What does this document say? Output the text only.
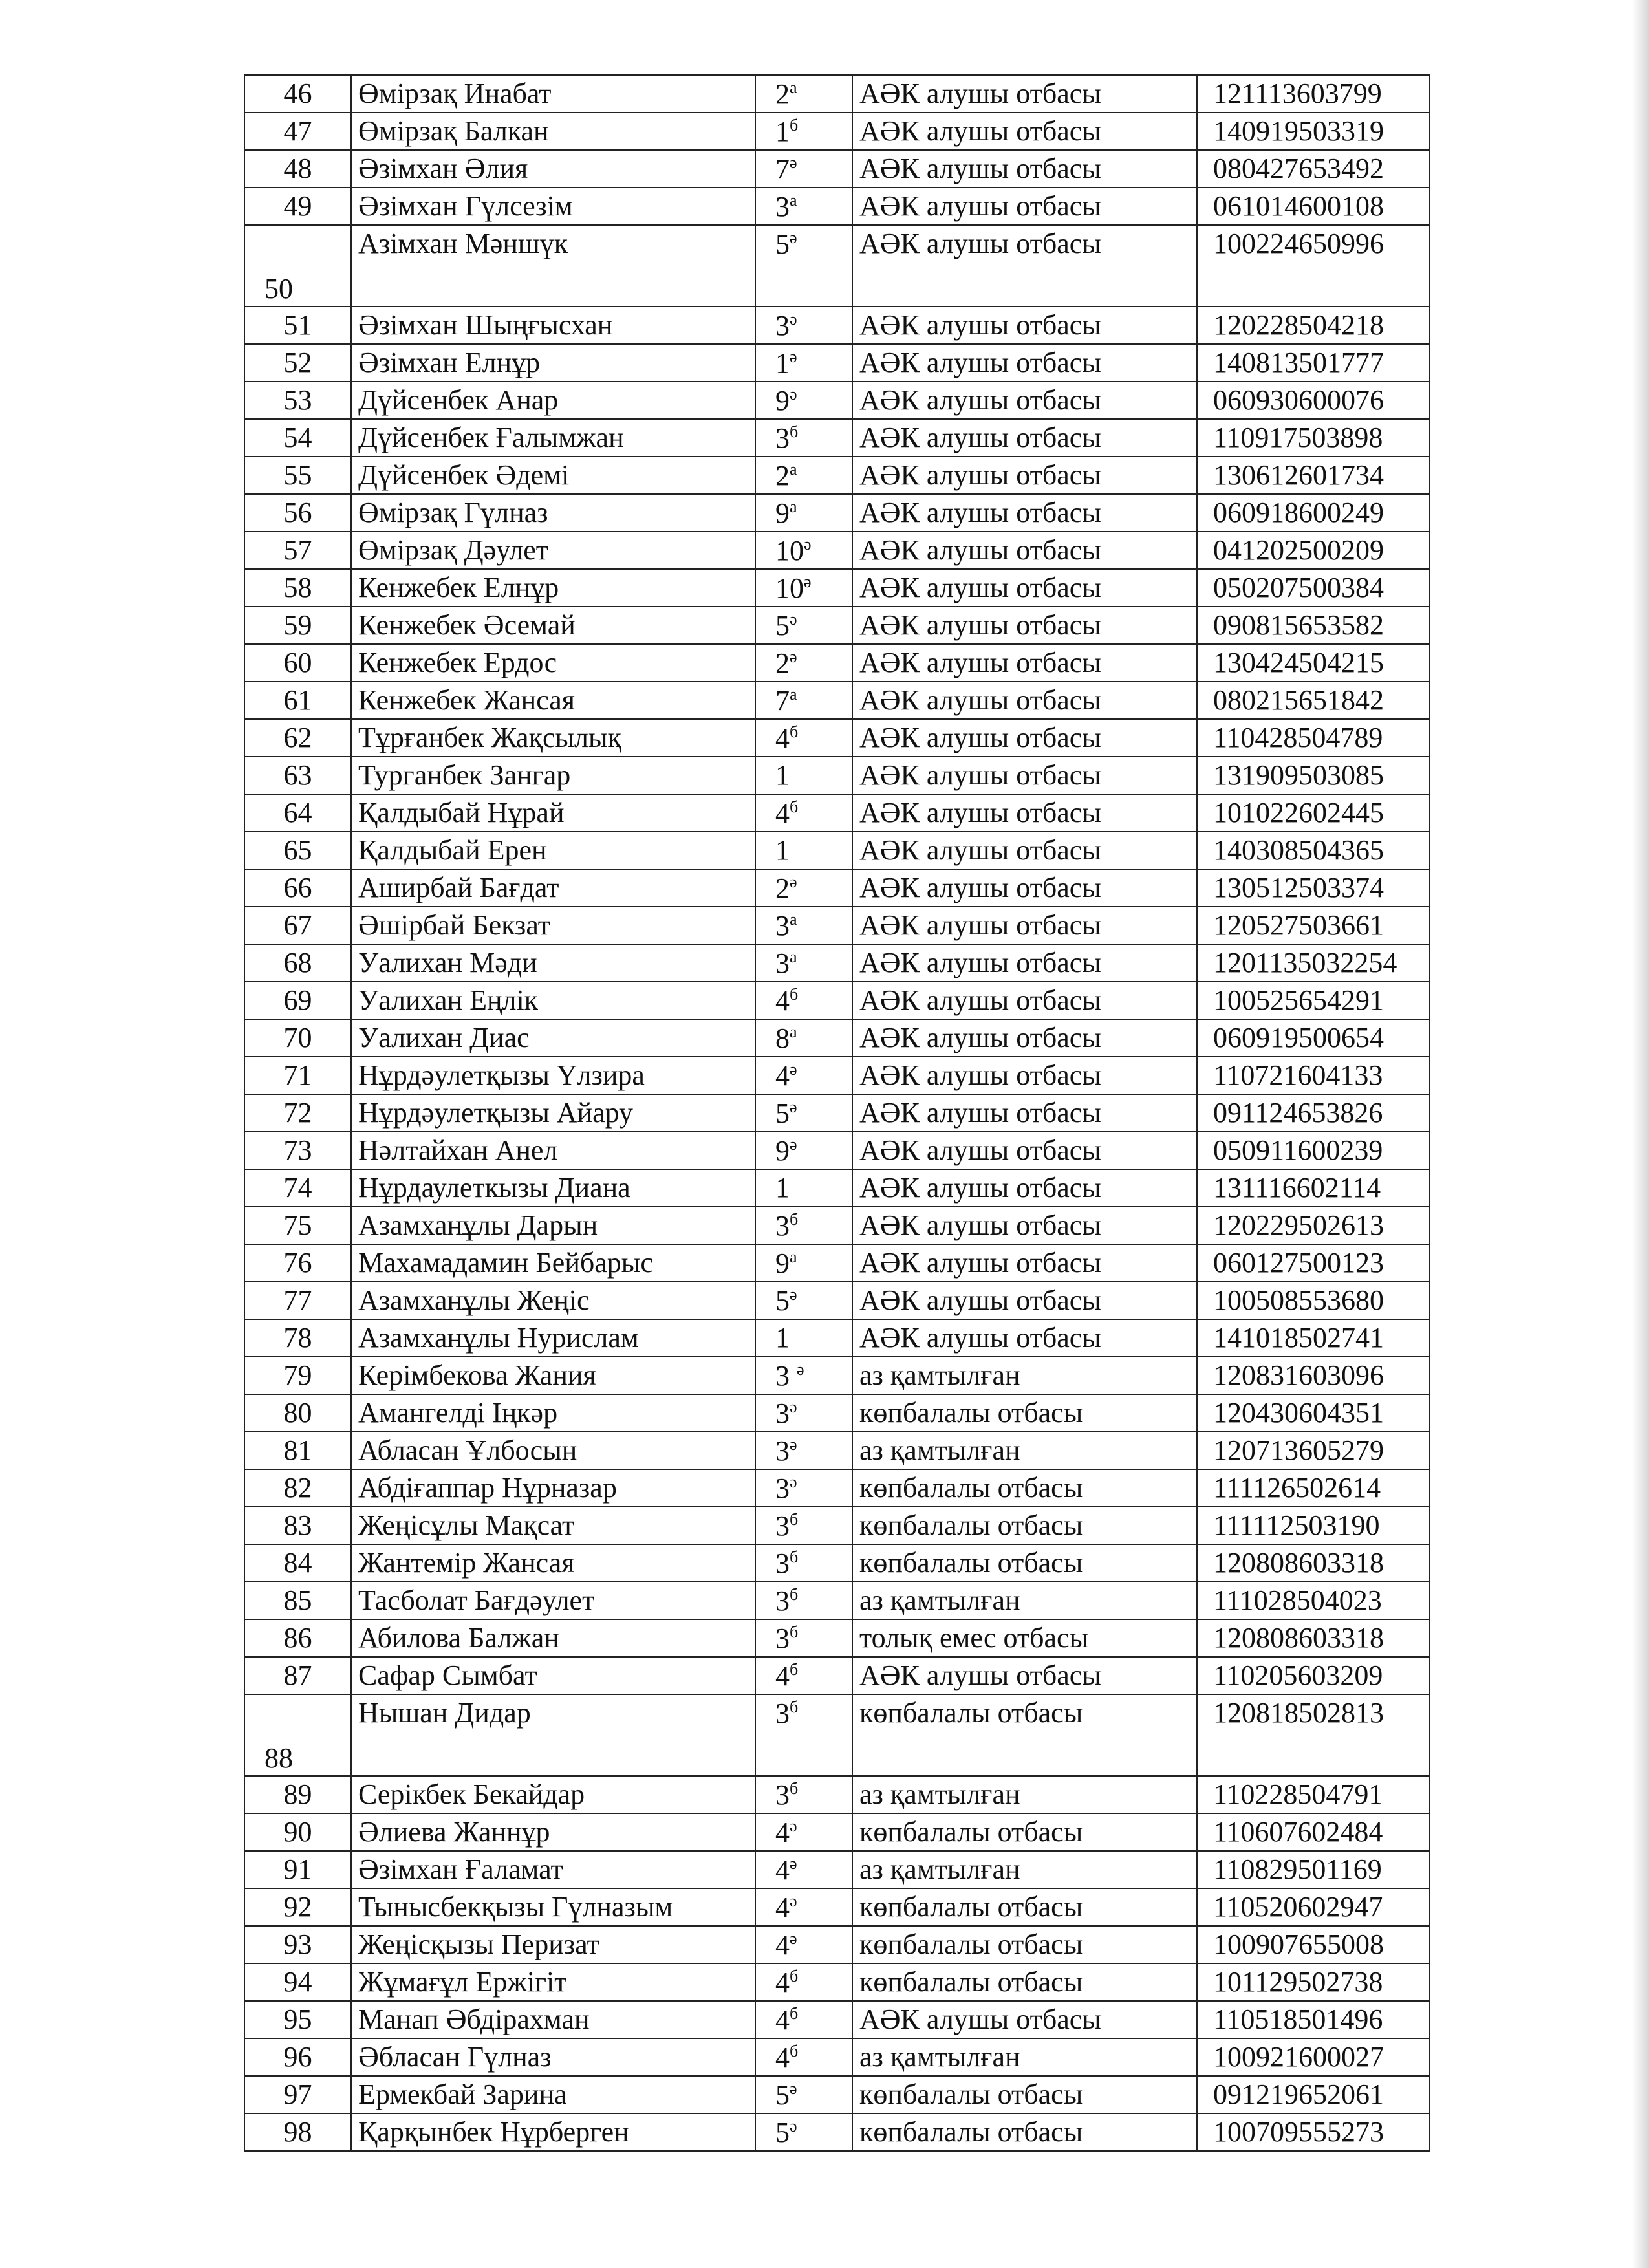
46	Өмірзақ Инабат	$2^а$	АӘК алушы отбасы	121113603799
47	Өмірзақ Балкан	$1^б$	АӘК алушы отбасы	140919503319
48	Әзімхан Әлия	$7^ә$	АӘК алушы отбасы	080427653492
49	Әзімхан Гүлсезім	$3^а$	АӘК алушы отбасы	061014600108
50	Азімхан Мәншүк	$5^ә$	АӘК алушы отбасы	100224650996
51	Әзімхан Шыңғысхан	$3^ә$	АӘК алушы отбасы	120228504218
52	Әзімхан Елнұр	$1^ә$	АӘК алушы отбасы	140813501777
53	Дүйсенбек Анар	$9^ә$	АӘК алушы отбасы	060930600076
54	Дүйсенбек Ғалымжан	$3^б$	АӘК алушы отбасы	110917503898
55	Дүйсенбек Әдемі	$2^а$	АӘК алушы отбасы	130612601734
56	Өмірзақ Гүлназ	$9^а$	АӘК алушы отбасы	060918600249
57	Өмірзақ Дәулет	$10^ә$	АӘК алушы отбасы	041202500209
58	Кенжебек Елнұр	$10^ә$	АӘК алушы отбасы	050207500384
59	Кенжебек Әсемай	$5^ә$	АӘК алушы отбасы	090815653582
60	Кенжебек Ердос	$2^ә$	АӘК алушы отбасы	130424504215
61	Кенжебек Жансая	$7^а$	АӘК алушы отбасы	080215651842
62	Тұрғанбек Жақсылық	$4^б$	АӘК алушы отбасы	110428504789
63	Турганбек Зангар	1	АӘК алушы отбасы	131909503085
64	Қалдыбай Нұрай	$4^б$	АӘК алушы отбасы	101022602445
65	Қалдыбай Ерен	1	АӘК алушы отбасы	140308504365
66	Аширбай Бағдат	$2^ә$	АӘК алушы отбасы	130512503374
67	Әшірбай Бекзат	$3^а$	АӘК алушы отбасы	120527503661
68	Уалихан Мәди	$3^а$	АӘК алушы отбасы	1201135032254
69	Уалихан Еңлік	$4^б$	АӘК алушы отбасы	100525654291
70	Уалихан Диас	$8^а$	АӘК алушы отбасы	060919500654
71	Нұрдәулетқызы Үлзира	$4^ә$	АӘК алушы отбасы	110721604133
72	Нұрдәулетқызы Айару	$5^ә$	АӘК алушы отбасы	091124653826
73	Нәлтайхан Анел	$9^ә$	АӘК алушы отбасы	050911600239
74	Нұрдаулеткызы Диана	1	АӘК алушы отбасы	131116602114
75	Азамханұлы Дарын	$3^б$	АӘК алушы отбасы	120229502613
76	Махамадамин Бейбарыс	$9^а$	АӘК алушы отбасы	060127500123
77	Азамханұлы Жеңіс	$5^ә$	АӘК алушы отбасы	100508553680
78	Азамханұлы Нурислам	1	АӘК алушы отбасы	141018502741
79	Керімбекова Жания	3 $^ә$	аз қамтылған	120831603096
80	Амангелді Іңкәр	$3^ә$	көпбалалы отбасы	120430604351
81	Абласан Ұлбосын	$3^ә$	аз қамтылған	120713605279
82	Абдіғаппар Нұрназар	$3^ә$	көпбалалы отбасы	111126502614
83	Жеңісұлы Мақсат	$3^б$	көпбалалы отбасы	111112503190
84	Жантемір Жансая	$3^б$	көпбалалы отбасы	120808603318
85	Тасболат Бағдәулет	$3^б$	аз қамтылған	111028504023
86	Абилова Балжан	$3^б$	толық емес отбасы	120808603318
87	Сафар Сымбат	$4^б$	АӘК алушы отбасы	110205603209
88	Нышан Дидар	$3^б$	көпбалалы отбасы	120818502813
89	Серікбек Бекайдар	$3^б$	аз қамтылған	110228504791
90	Әлиева Жаннұр	$4^ә$	көпбалалы отбасы	110607602484
91	Әзімхан Ғаламат	$4^ә$	аз қамтылған	110829501169
92	Тынысбекқызы Гүлназым	$4^ә$	көпбалалы отбасы	110520602947
93	Жеңісқызы Перизат	$4^ә$	көпбалалы отбасы	100907655008
94	Жұмағұл Ержігіт	$4^б$	көпбалалы отбасы	101129502738
95	Манап Әбдірахман	$4^б$	АӘК алушы отбасы	110518501496
96	Әбласан Гүлназ	$4^б$	аз қамтылған	100921600027
97	Ермекбай Зарина	$5^ә$	көпбалалы отбасы	091219652061
98	Қарқынбек Нұрберген	$5^ә$	көпбалалы отбасы	100709555273
